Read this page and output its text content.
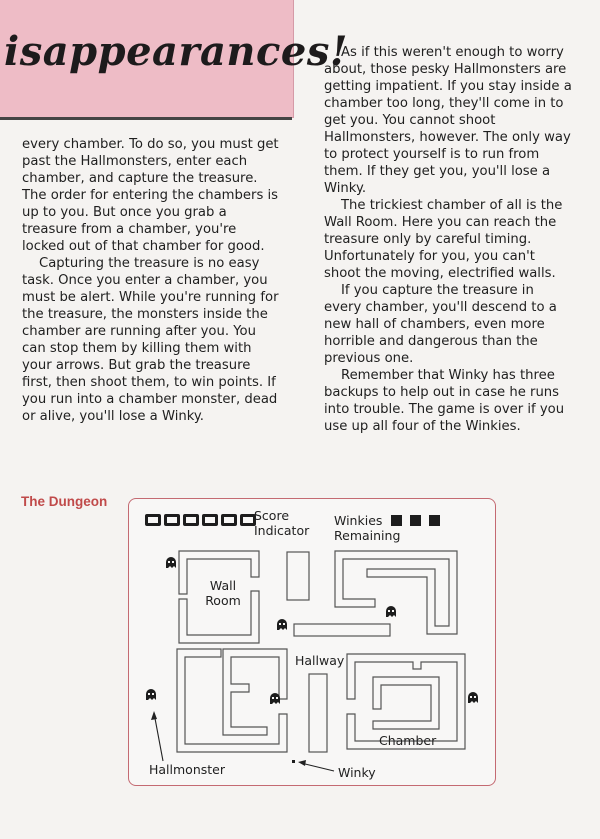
isappearances!

every chamber. To do so, you must get past the Hallmonsters, enter each chamber, and capture the treasure. The order for entering the chambers is up to you. But once you grab a treasure from a chamber, you're locked out of that chamber for good.

Capturing the treasure is no easy task. Once you enter a chamber, you must be alert. While you're running for the treasure, the monsters inside the chamber are running after you. You can stop them by killing them with your arrows. But grab the treasure first, then shoot them, to win points. If you run into a chamber monster, dead or alive, you'll lose a Winky.

As if this weren't enough to worry about, those pesky Hallmonsters are getting impatient. If you stay inside a chamber too long, they'll come in to get you. You cannot shoot Hallmonsters, however. The only way to protect yourself is to run from them. If they get you, you'll lose a Winky.

The trickiest chamber of all is the Wall Room. Here you can reach the treasure only by careful timing. Unfortunately for you, you can't shoot the moving, electrified walls.

If you capture the treasure in every chamber, you'll descend to a new hall of chambers, even more horrible and dangerous than the previous one.

Remember that Winky has three backups to help out in case he runs into trouble. The game is over if you use up all four of the Winkies.

The Dungeon
Score Indicator
Winkies Remaining
Wall Room
Hallway
Chamber
Hallmonster	Winky
